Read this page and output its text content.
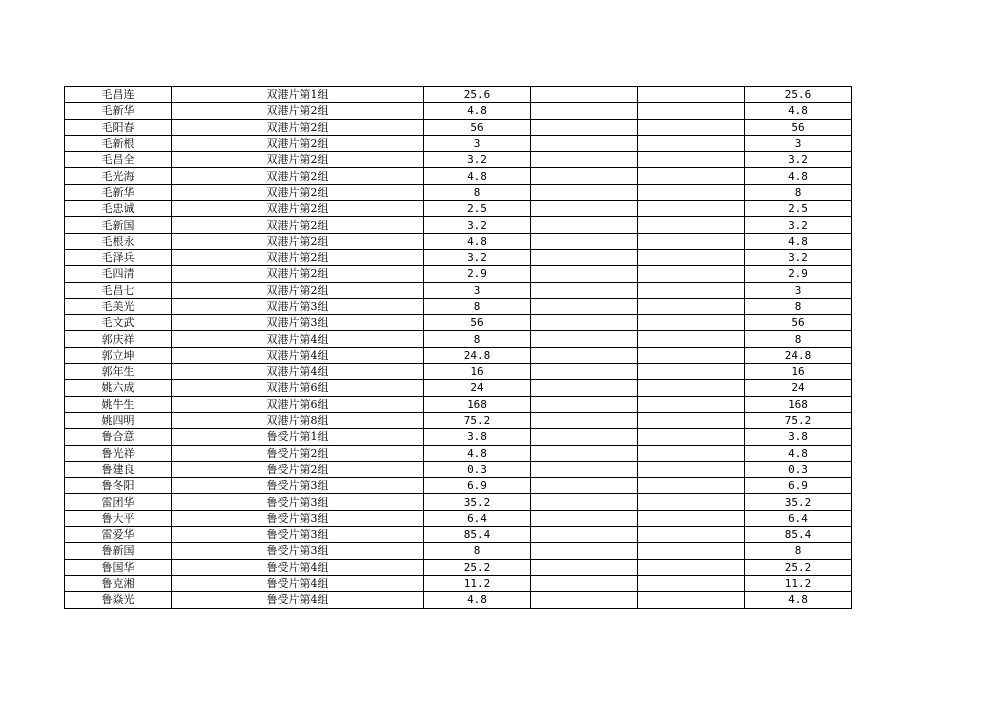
毛昌连	双港片第1组	25.6			25.6
毛新华	双港片第2组	4.8			4.8
毛阳春	双港片第2组	56			56
毛新根	双港片第2组	3			3
毛昌全	双港片第2组	3.2			3.2
毛光海	双港片第2组	4.8			4.8
毛新华	双港片第2组	8			8
毛忠诚	双港片第2组	2.5			2.5
毛新国	双港片第2组	3.2			3.2
毛根永	双港片第2组	4.8			4.8
毛泽兵	双港片第2组	3.2			3.2
毛四清	双港片第2组	2.9			2.9
毛昌七	双港片第2组	3			3
毛美光	双港片第3组	8			8
毛文武	双港片第3组	56			56
郭庆祥	双港片第4组	8			8
郭立坤	双港片第4组	24.8			24.8
郭年生	双港片第4组	16			16
姚六成	双港片第6组	24			24
姚牛生	双港片第6组	168			168
姚四明	双港片第8组	75.2			75.2
鲁合意	鲁受片第1组	3.8			3.8
鲁光祥	鲁受片第2组	4.8			4.8
鲁建良	鲁受片第2组	0.3			0.3
鲁冬阳	鲁受片第3组	6.9			6.9
雷团华	鲁受片第3组	35.2			35.2
鲁大平	鲁受片第3组	6.4			6.4
雷爱华	鲁受片第3组	85.4			85.4
鲁新国	鲁受片第3组	8			8
鲁国华	鲁受片第4组	25.2			25.2
鲁克湘	鲁受片第4组	11.2			11.2
鲁焱光	鲁受片第4组	4.8			4.8
